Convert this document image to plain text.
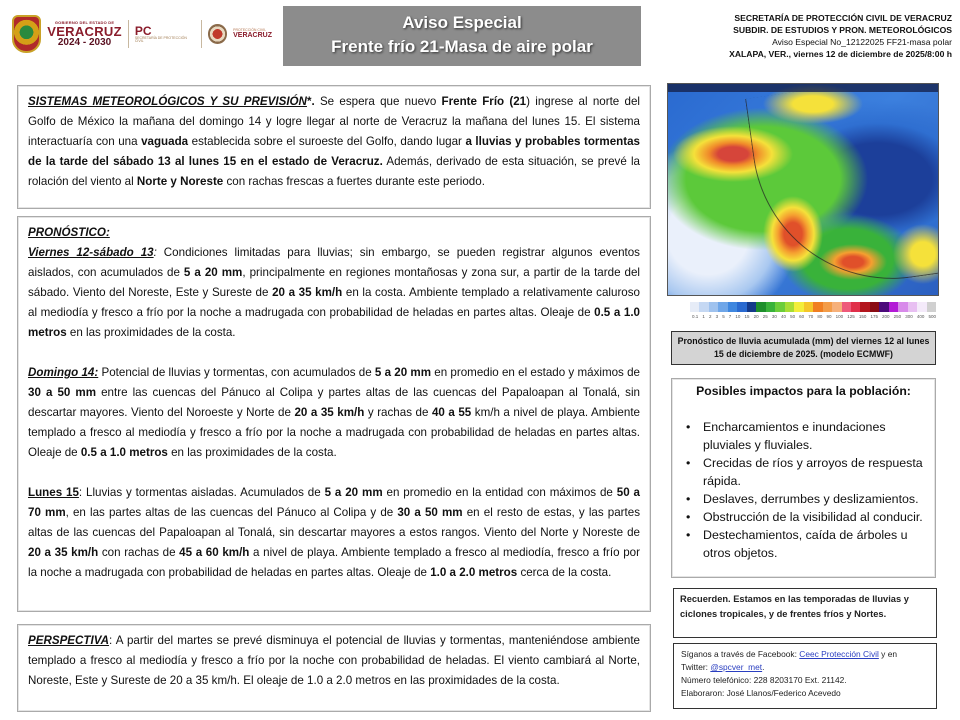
GOBIERNO DEL ESTADO DE
VERACRUZ
2024 - 2030
PC
SECRETARÍA DE PROTECCIÓN CIVIL
PROTECCIÓN CIVIL
VERACRUZ
Aviso Especial
Frente frío 21-Masa de aire polar
SECRETARÍA DE PROTECCIÓN CIVIL DE VERACRUZ
SUBDIR. DE ESTUDIOS Y PRON. METEOROLÓGICOS
Aviso Especial No_12122025 FF21-masa polar
XALAPA, VER., viernes 12 de diciembre de 2025/8:00 h
SISTEMAS METEOROLÓGICOS Y SU PREVISIÓN*. Se espera que nuevo Frente Frío (21) ingrese al norte del Golfo de México la mañana del domingo 14 y logre llegar al norte de Veracruz la mañana del lunes 15. El sistema interactuaría con una vaguada establecida sobre el suroeste del Golfo, dando lugar a lluvias y probables tormentas de la tarde del sábado 13 al lunes 15 en el estado de Veracruz. Además, derivado de esta situación, se prevé la rolación del viento al Norte y Noreste con rachas frescas a fuertes durante este periodo.
PRONÓSTICO:
Viernes 12-sábado 13: Condiciones limitadas para lluvias; sin embargo, se pueden registrar algunos eventos aislados, con acumulados de 5 a 20 mm, principalmente en regiones montañosas y zona sur, a partir de la tarde del sábado. Viento del Noreste, Este y Sureste de 20 a 35 km/h en la costa. Ambiente templado a relativamente caluroso al mediodía y fresco a frío por la noche a madrugada con probabilidad de heladas en partes altas. Oleaje de 0.5 a 1.0 metros en las proximidades de la costa.
Domingo 14: Potencial de lluvias y tormentas, con acumulados de 5 a 20 mm en promedio en el estado y máximos de 30 a 50 mm entre las cuencas del Pánuco al Colipa y partes altas de las cuencas del Papaloapan al Tonalá, sin descartar mayores. Viento del Noroeste y Norte de 20 a 35 km/h y rachas de 40 a 55 km/h a nivel de playa. Ambiente templado a fresco al mediodía y fresco a frío por la noche a madrugada con probabilidad de heladas en partes altas. Oleaje de 0.5 a 1.0 metros en las proximidades de la costa.
Lunes 15: Lluvias y tormentas aisladas. Acumulados de 5 a 20 mm en promedio en la entidad con máximos de 50 a 70 mm, en las partes altas de las cuencas del Pánuco al Colipa y de 30 a 50 mm en el resto de estas, y las partes altas de las cuencas del Papaloapan al Tonalá, sin descartar mayores a estos rangos. Viento del Norte y Noreste de 20 a 35 km/h con rachas de 45 a 60 km/h a nivel de playa. Ambiente templado a fresco al mediodía, fresco a frío por la noche a madrugada con probabilidad de heladas en partes altas. Oleaje de 1.0 a 2.0 metros cerca de la costa.
PERSPECTIVA: A partir del martes se prevé disminuya el potencial de lluvias y tormentas, manteniéndose ambiente templado a fresco al mediodía y fresco a frío por la noche con probabilidad de heladas. El viento cambiará al Norte, Noreste, Este y Sureste de 20 a 35 km/h. El oleaje de 1.0 a 2.0 metros en las proximidades de la costa.
0.1 1 2 3 5 7 10 15 20 25 30 40 50 60 70 80 90 100 125 150 175 200 250 300 400 500
Pronóstico de lluvia acumulada (mm) del viernes 12 al lunes 15 de diciembre de 2025. (modelo ECMWF)
Posibles impactos para la población:
• Encharcamientos e inundaciones pluviales y fluviales.
• Crecidas de ríos y arroyos de respuesta rápida.
• Deslaves, derrumbes y deslizamientos.
• Obstrucción de la visibilidad al conducir.
• Destechamientos, caída de árboles u otros objetos.
Recuerden. Estamos en las temporadas de lluvias y ciclones tropicales, y de frentes fríos y Nortes.
Síganos a través de Facebook: Ceec Protección Civil y en
Twitter: @spcver_met.
Número telefónico: 228 8203170 Ext. 21142.
Elaboraron: José Llanos/Federico Acevedo
